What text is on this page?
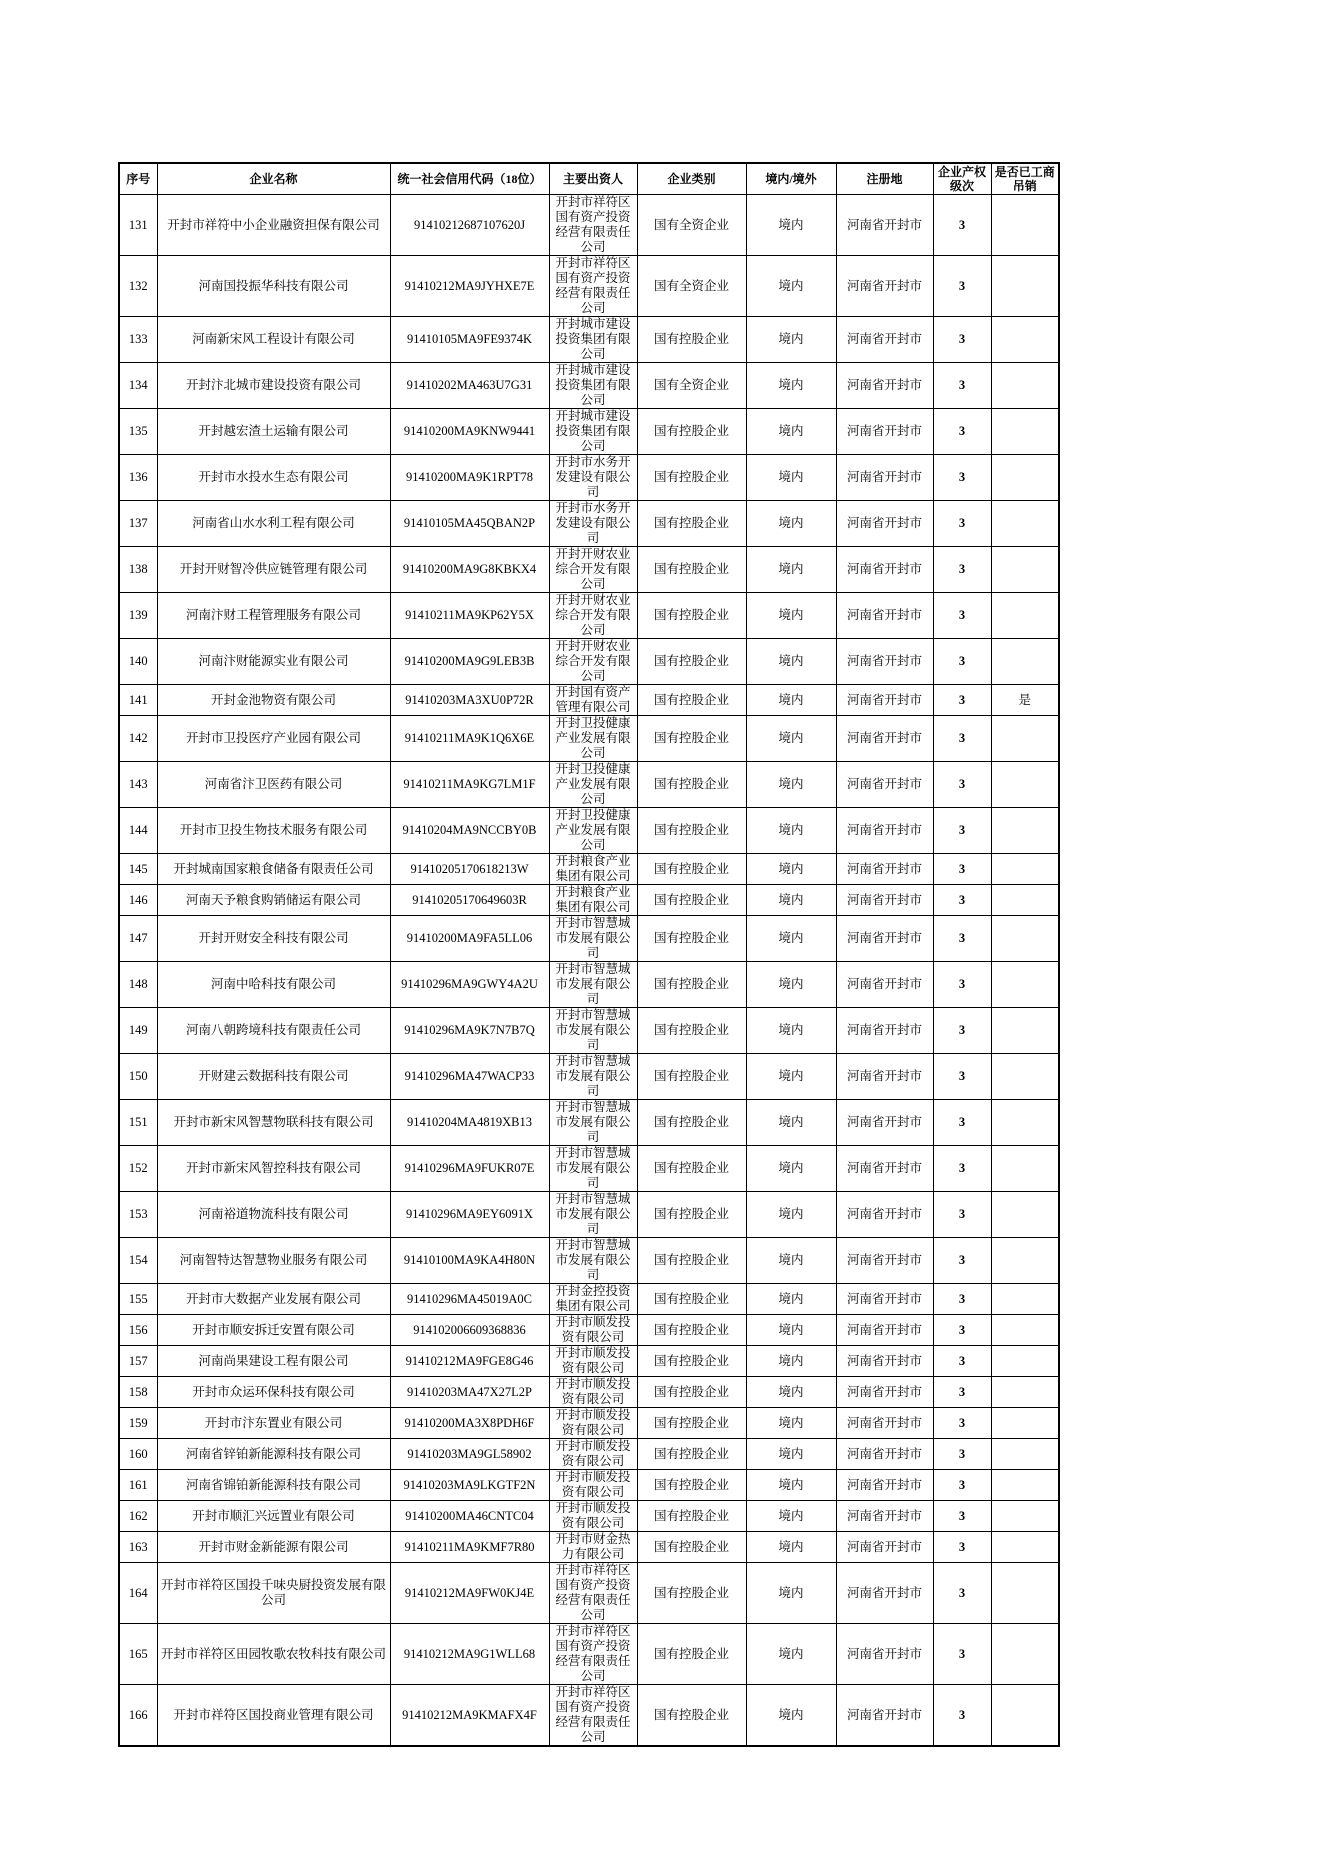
序号	企业名称	统一社会信用代码（18位）	主要出资人	企业类别	境内/境外	注册地	企业产权级次	是否已工商吊销
131	开封市祥符中小企业融资担保有限公司	91410212687107620J	开封市祥符区国有资产投资经营有限责任公司	国有全资企业	境内	河南省开封市	3	
132	河南国投振华科技有限公司	91410212MA9JYHXE7E	开封市祥符区国有资产投资经营有限责任公司	国有全资企业	境内	河南省开封市	3	
133	河南新宋风工程设计有限公司	91410105MA9FE9374K	开封城市建设投资集团有限公司	国有控股企业	境内	河南省开封市	3	
134	开封汴北城市建设投资有限公司	91410202MA463U7G31	开封城市建设投资集团有限公司	国有全资企业	境内	河南省开封市	3	
135	开封越宏渣土运输有限公司	91410200MA9KNW9441	开封城市建设投资集团有限公司	国有控股企业	境内	河南省开封市	3	
136	开封市水投水生态有限公司	91410200MA9K1RPT78	开封市水务开发建设有限公司	国有控股企业	境内	河南省开封市	3	
137	河南省山水水利工程有限公司	91410105MA45QBAN2P	开封市水务开发建设有限公司	国有控股企业	境内	河南省开封市	3	
138	开封开财智冷供应链管理有限公司	91410200MA9G8KBKX4	开封开财农业综合开发有限公司	国有控股企业	境内	河南省开封市	3	
139	河南汴财工程管理服务有限公司	91410211MA9KP62Y5X	开封开财农业综合开发有限公司	国有控股企业	境内	河南省开封市	3	
140	河南汴财能源实业有限公司	91410200MA9G9LEB3B	开封开财农业综合开发有限公司	国有控股企业	境内	河南省开封市	3	
141	开封金池物资有限公司	91410203MA3XU0P72R	开封国有资产管理有限公司	国有控股企业	境内	河南省开封市	3	是
142	开封市卫投医疗产业园有限公司	91410211MA9K1Q6X6E	开封卫投健康产业发展有限公司	国有控股企业	境内	河南省开封市	3	
143	河南省汴卫医药有限公司	91410211MA9KG7LM1F	开封卫投健康产业发展有限公司	国有控股企业	境内	河南省开封市	3	
144	开封市卫投生物技术服务有限公司	91410204MA9NCCBY0B	开封卫投健康产业发展有限公司	国有控股企业	境内	河南省开封市	3	
145	开封城南国家粮食储备有限责任公司	91410205170618213W	开封粮食产业集团有限公司	国有控股企业	境内	河南省开封市	3	
146	河南天予粮食购销储运有限公司	91410205170649603R	开封粮食产业集团有限公司	国有控股企业	境内	河南省开封市	3	
147	开封开财安全科技有限公司	91410200MA9FA5LL06	开封市智慧城市发展有限公司	国有控股企业	境内	河南省开封市	3	
148	河南中哈科技有限公司	91410296MA9GWY4A2U	开封市智慧城市发展有限公司	国有控股企业	境内	河南省开封市	3	
149	河南八朝跨境科技有限责任公司	91410296MA9K7N7B7Q	开封市智慧城市发展有限公司	国有控股企业	境内	河南省开封市	3	
150	开财建云数据科技有限公司	91410296MA47WACP33	开封市智慧城市发展有限公司	国有控股企业	境内	河南省开封市	3	
151	开封市新宋风智慧物联科技有限公司	91410204MA4819XB13	开封市智慧城市发展有限公司	国有控股企业	境内	河南省开封市	3	
152	开封市新宋风智控科技有限公司	91410296MA9FUKR07E	开封市智慧城市发展有限公司	国有控股企业	境内	河南省开封市	3	
153	河南裕道物流科技有限公司	91410296MA9EY6091X	开封市智慧城市发展有限公司	国有控股企业	境内	河南省开封市	3	
154	河南智特达智慧物业服务有限公司	91410100MA9KA4H80N	开封市智慧城市发展有限公司	国有控股企业	境内	河南省开封市	3	
155	开封市大数据产业发展有限公司	91410296MA45019A0C	开封金控投资集团有限公司	国有控股企业	境内	河南省开封市	3	
156	开封市顺安拆迁安置有限公司	914102006609368836	开封市顺发投资有限公司	国有控股企业	境内	河南省开封市	3	
157	河南尚果建设工程有限公司	91410212MA9FGE8G46	开封市顺发投资有限公司	国有控股企业	境内	河南省开封市	3	
158	开封市众运环保科技有限公司	91410203MA47X27L2P	开封市顺发投资有限公司	国有控股企业	境内	河南省开封市	3	
159	开封市汴东置业有限公司	91410200MA3X8PDH6F	开封市顺发投资有限公司	国有控股企业	境内	河南省开封市	3	
160	河南省锌铂新能源科技有限公司	91410203MA9GL58902	开封市顺发投资有限公司	国有控股企业	境内	河南省开封市	3	
161	河南省锦铂新能源科技有限公司	91410203MA9LKGTF2N	开封市顺发投资有限公司	国有控股企业	境内	河南省开封市	3	
162	开封市顺汇兴远置业有限公司	91410200MA46CNTC04	开封市顺发投资有限公司	国有控股企业	境内	河南省开封市	3	
163	开封市财金新能源有限公司	91410211MA9KMF7R80	开封市财金热力有限公司	国有控股企业	境内	河南省开封市	3	
164	开封市祥符区国投千味央厨投资发展有限公司	91410212MA9FW0KJ4E	开封市祥符区国有资产投资经营有限责任公司	国有控股企业	境内	河南省开封市	3	
165	开封市祥符区田园牧歌农牧科技有限公司	91410212MA9G1WLL68	开封市祥符区国有资产投资经营有限责任公司	国有控股企业	境内	河南省开封市	3	
166	开封市祥符区国投商业管理有限公司	91410212MA9KMAFX4F	开封市祥符区国有资产投资经营有限责任公司	国有控股企业	境内	河南省开封市	3	
